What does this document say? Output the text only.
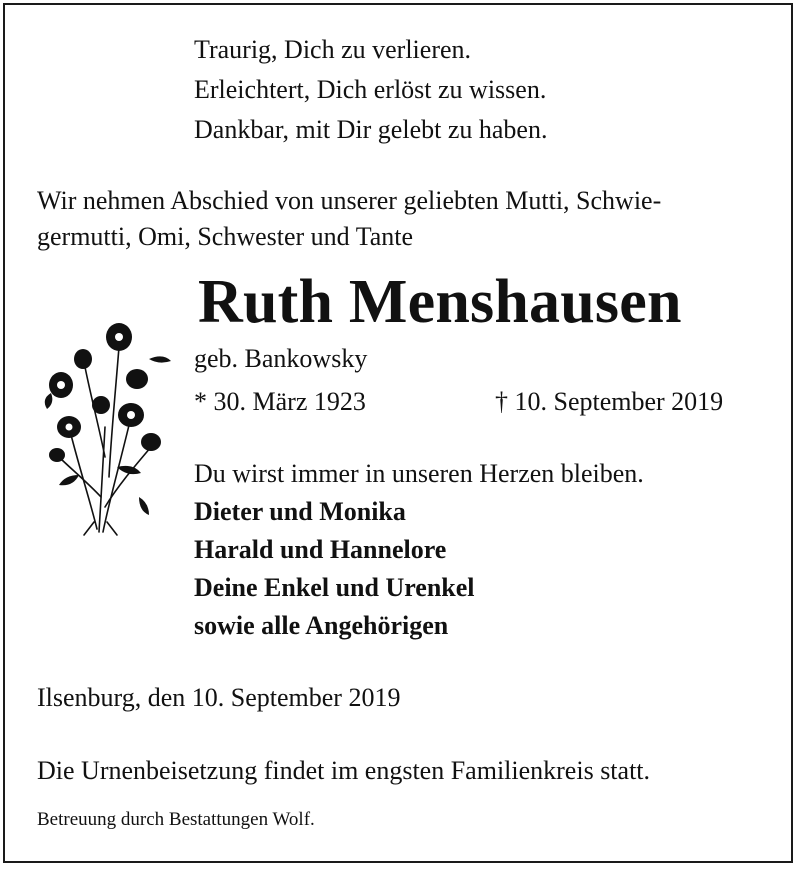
Traurig, Dich zu verlieren.
Erleichtert, Dich erlöst zu wissen.
Dankbar, mit Dir gelebt zu haben.
Wir nehmen Abschied von unserer geliebten Mutti, Schwie-
germutti, Omi, Schwester und Tante
Ruth Menshausen
geb. Bankowsky
* 30. März 1923	† 10. September 2019
Du wirst immer in unseren Herzen bleiben.
Dieter und Monika
Harald und Hannelore
Deine Enkel und Urenkel
sowie alle Angehörigen
Ilsenburg, den 10. September 2019
Die Urnenbeisetzung findet im engsten Familienkreis statt.
Betreuung durch Bestattungen Wolf.
